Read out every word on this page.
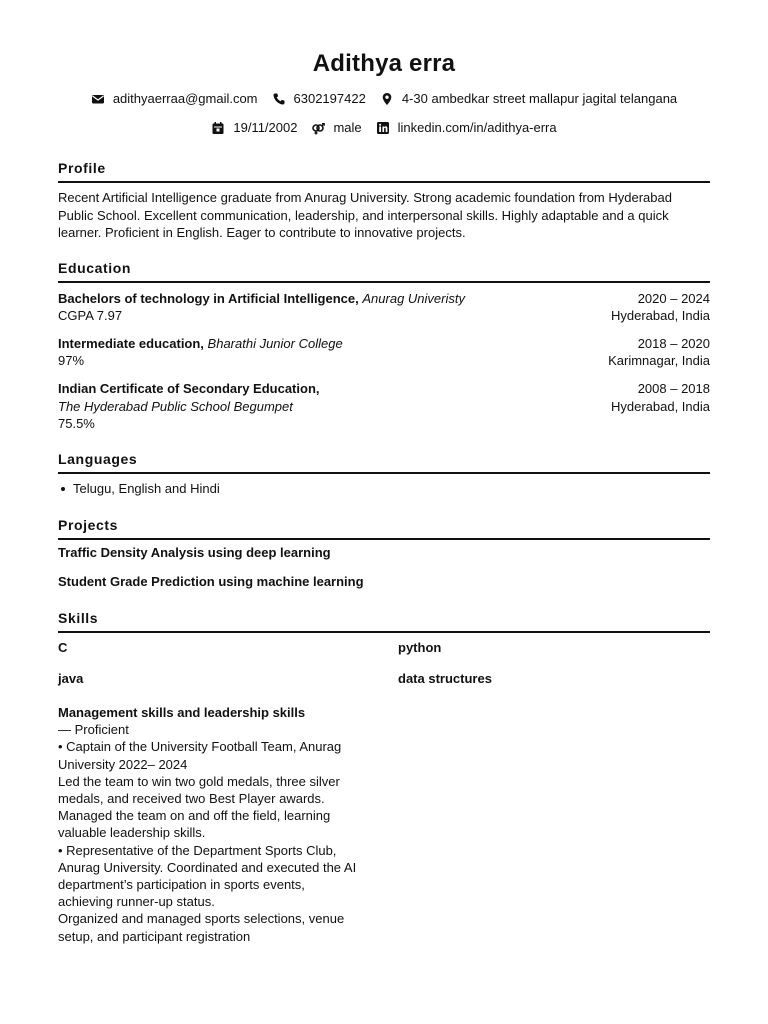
Adithya erra
adithyaerraa@gmail.com	6302197422	4-30 ambedkar street mallapur jagital telangana
19/11/2002	male	linkedin.com/in/adithya-erra
Profile
Recent Artificial Intelligence graduate from Anurag University. Strong academic foundation from Hyderabad
Public School. Excellent communication, leadership, and interpersonal skills. Highly adaptable and a quick
learner. Proficient in English. Eager to contribute to innovative projects.
Education
Bachelors of technology in Artificial Intelligence, Anurag Univeristy	2020 – 2024
CGPA 7.97	Hyderabad, India
Intermediate education, Bharathi Junior College	2018 – 2020
97%	Karimnagar, India
Indian Certificate of Secondary Education,	2008 – 2018
The Hyderabad Public School Begumpet	Hyderabad, India
75.5%
Languages
Telugu, English and Hindi
Projects
Traffic Density Analysis using deep learning
Student Grade Prediction using machine learning
Skills
C	python
java	data structures
Management skills and leadership skills
— Proficient
• Captain of the University Football Team, Anurag
University 2022– 2024
Led the team to win two gold medals, three silver
medals, and received two Best Player awards.
Managed the team on and off the field, learning
valuable leadership skills.
• Representative of the Department Sports Club,
Anurag University. Coordinated and executed the AI
department’s participation in sports events,
achieving runner-up status.
Organized and managed sports selections, venue
setup, and participant registration
